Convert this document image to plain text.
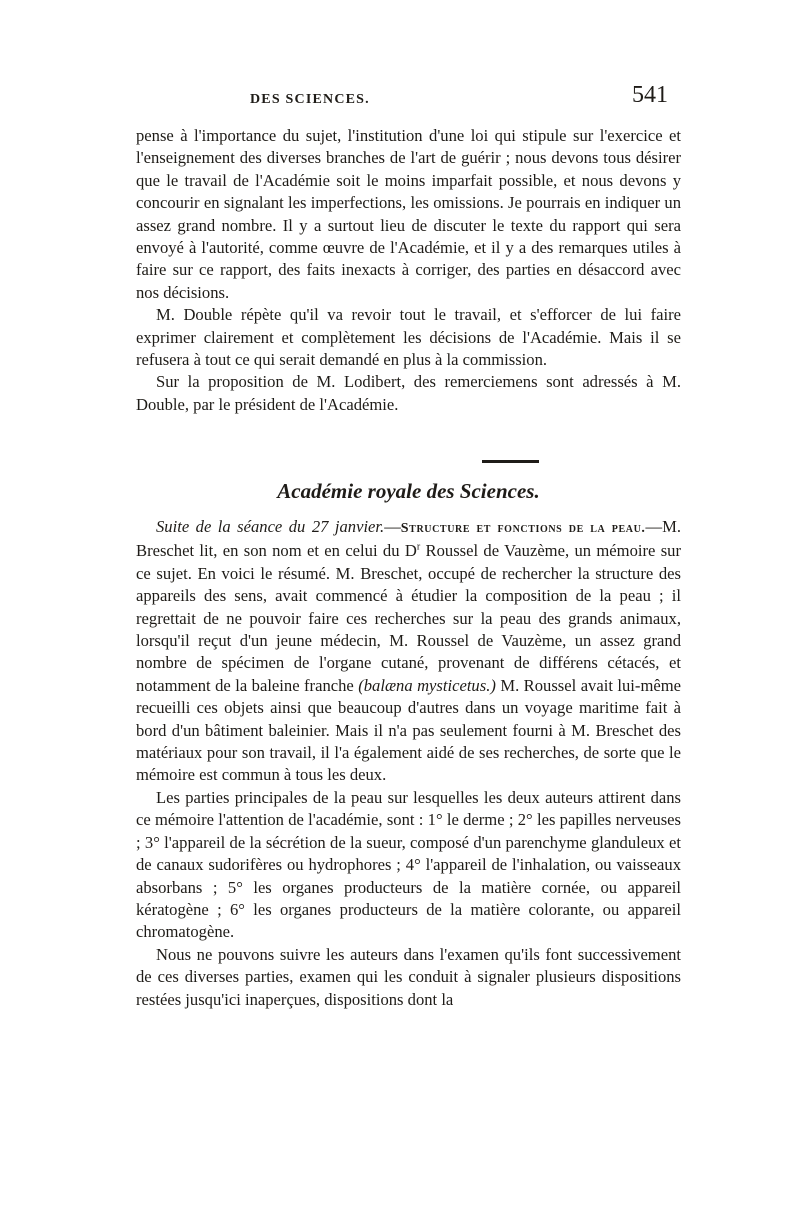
DES SCIENCES.	541

pense à l'importance du sujet, l'institution d'une loi qui stipule sur l'exercice et l'enseignement des diverses branches de l'art de guérir ; nous devons tous désirer que le travail de l'Académie soit le moins imparfait possible, et nous devons y concourir en signalant les imperfections, les omissions. Je pourrais en indiquer un assez grand nombre. Il y a surtout lieu de discuter le texte du rapport qui sera envoyé à l'autorité, comme œuvre de l'Académie, et il y a des remarques utiles à faire sur ce rapport, des faits inexacts à corriger, des parties en désaccord avec nos décisions.

M. Double répète qu'il va revoir tout le travail, et s'efforcer de lui faire exprimer clairement et complètement les décisions de l'Académie. Mais il se refusera à tout ce qui serait demandé en plus à la commission.

Sur la proposition de M. Lodibert, des remerciemens sont adressés à M. Double, par le président de l'Académie.

Académie royale des Sciences.

Suite de la séance du 27 janvier.—Structure et fonctions de la peau.—M. Breschet lit, en son nom et en celui du $D^r$ Roussel de Vauzème, un mémoire sur ce sujet. En voici le résumé. M. Breschet, occupé de rechercher la structure des appareils des sens, avait commencé à étudier la composition de la peau ; il regrettait de ne pouvoir faire ces recherches sur la peau des grands animaux, lorsqu'il reçut d'un jeune médecin, M. Roussel de Vauzème, un assez grand nombre de spécimen de l'organe cutané, provenant de différens cétacés, et notamment de la baleine franche (balæna mysticetus.) M. Roussel avait lui-même recueilli ces objets ainsi que beaucoup d'autres dans un voyage maritime fait à bord d'un bâtiment baleinier. Mais il n'a pas seulement fourni à M. Breschet des matériaux pour son travail, il l'a également aidé de ses recherches, de sorte que le mémoire est commun à tous les deux.

Les parties principales de la peau sur lesquelles les deux auteurs attirent dans ce mémoire l'attention de l'académie, sont : 1° le derme ; 2° les papilles nerveuses ; 3° l'appareil de la sécrétion de la sueur, composé d'un parenchyme glanduleux et de canaux sudorifères ou hydrophores ; 4° l'appareil de l'inhalation, ou vaisseaux absorbans ; 5° les organes producteurs de la matière cornée, ou appareil kératogène ; 6° les organes producteurs de la matière colorante, ou appareil chromatogène.

Nous ne pouvons suivre les auteurs dans l'examen qu'ils font successivement de ces diverses parties, examen qui les conduit à signaler plusieurs dispositions restées jusqu'ici inaperçues, dispositions dont la
